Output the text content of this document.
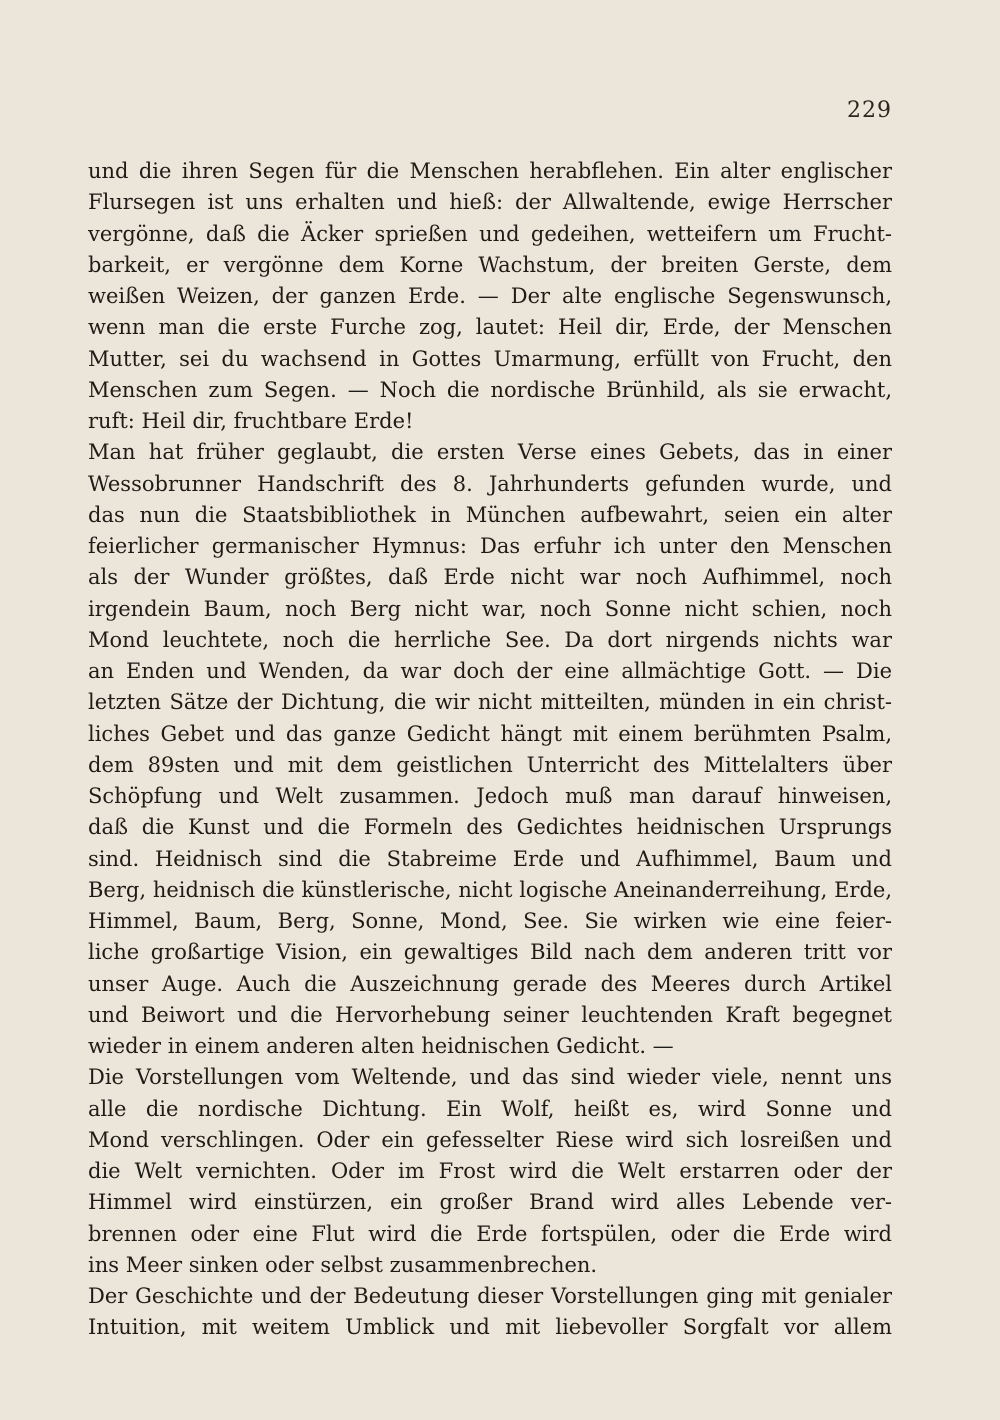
229
und die ihren Segen für die Menschen herabflehen. Ein alter englischer
Flursegen ist uns erhalten und hieß: der Allwaltende, ewige Herrscher
vergönne, daß die Äcker sprießen und gedeihen, wetteifern um Frucht-
barkeit, er vergönne dem Korne Wachstum, der breiten Gerste, dem
weißen Weizen, der ganzen Erde. — Der alte englische Segenswunsch,
wenn man die erste Furche zog, lautet: Heil dir, Erde, der Menschen
Mutter, sei du wachsend in Gottes Umarmung, erfüllt von Frucht, den
Menschen zum Segen. — Noch die nordische Brünhild, als sie erwacht,
ruft: Heil dir, fruchtbare Erde!
Man hat früher geglaubt, die ersten Verse eines Gebets, das in einer
Wessobrunner Handschrift des 8. Jahrhunderts gefunden wurde, und
das nun die Staatsbibliothek in München aufbewahrt, seien ein alter
feierlicher germanischer Hymnus: Das erfuhr ich unter den Menschen
als der Wunder größtes, daß Erde nicht war noch Aufhimmel, noch
irgendein Baum, noch Berg nicht war, noch Sonne nicht schien, noch
Mond leuchtete, noch die herrliche See. Da dort nirgends nichts war
an Enden und Wenden, da war doch der eine allmächtige Gott. — Die
letzten Sätze der Dichtung, die wir nicht mitteilten, münden in ein christ-
liches Gebet und das ganze Gedicht hängt mit einem berühmten Psalm,
dem 89sten und mit dem geistlichen Unterricht des Mittelalters über
Schöpfung und Welt zusammen. Jedoch muß man darauf hinweisen,
daß die Kunst und die Formeln des Gedichtes heidnischen Ursprungs
sind. Heidnisch sind die Stabreime Erde und Aufhimmel, Baum und
Berg, heidnisch die künstlerische, nicht logische Aneinanderreihung, Erde,
Himmel, Baum, Berg, Sonne, Mond, See. Sie wirken wie eine feier-
liche großartige Vision, ein gewaltiges Bild nach dem anderen tritt vor
unser Auge. Auch die Auszeichnung gerade des Meeres durch Artikel
und Beiwort und die Hervorhebung seiner leuchtenden Kraft begegnet
wieder in einem anderen alten heidnischen Gedicht. —
Die Vorstellungen vom Weltende, und das sind wieder viele, nennt uns
alle die nordische Dichtung. Ein Wolf, heißt es, wird Sonne und
Mond verschlingen. Oder ein gefesselter Riese wird sich losreißen und
die Welt vernichten. Oder im Frost wird die Welt erstarren oder der
Himmel wird einstürzen, ein großer Brand wird alles Lebende ver-
brennen oder eine Flut wird die Erde fortspülen, oder die Erde wird
ins Meer sinken oder selbst zusammenbrechen.
Der Geschichte und der Bedeutung dieser Vorstellungen ging mit genialer
Intuition, mit weitem Umblick und mit liebevoller Sorgfalt vor allem
